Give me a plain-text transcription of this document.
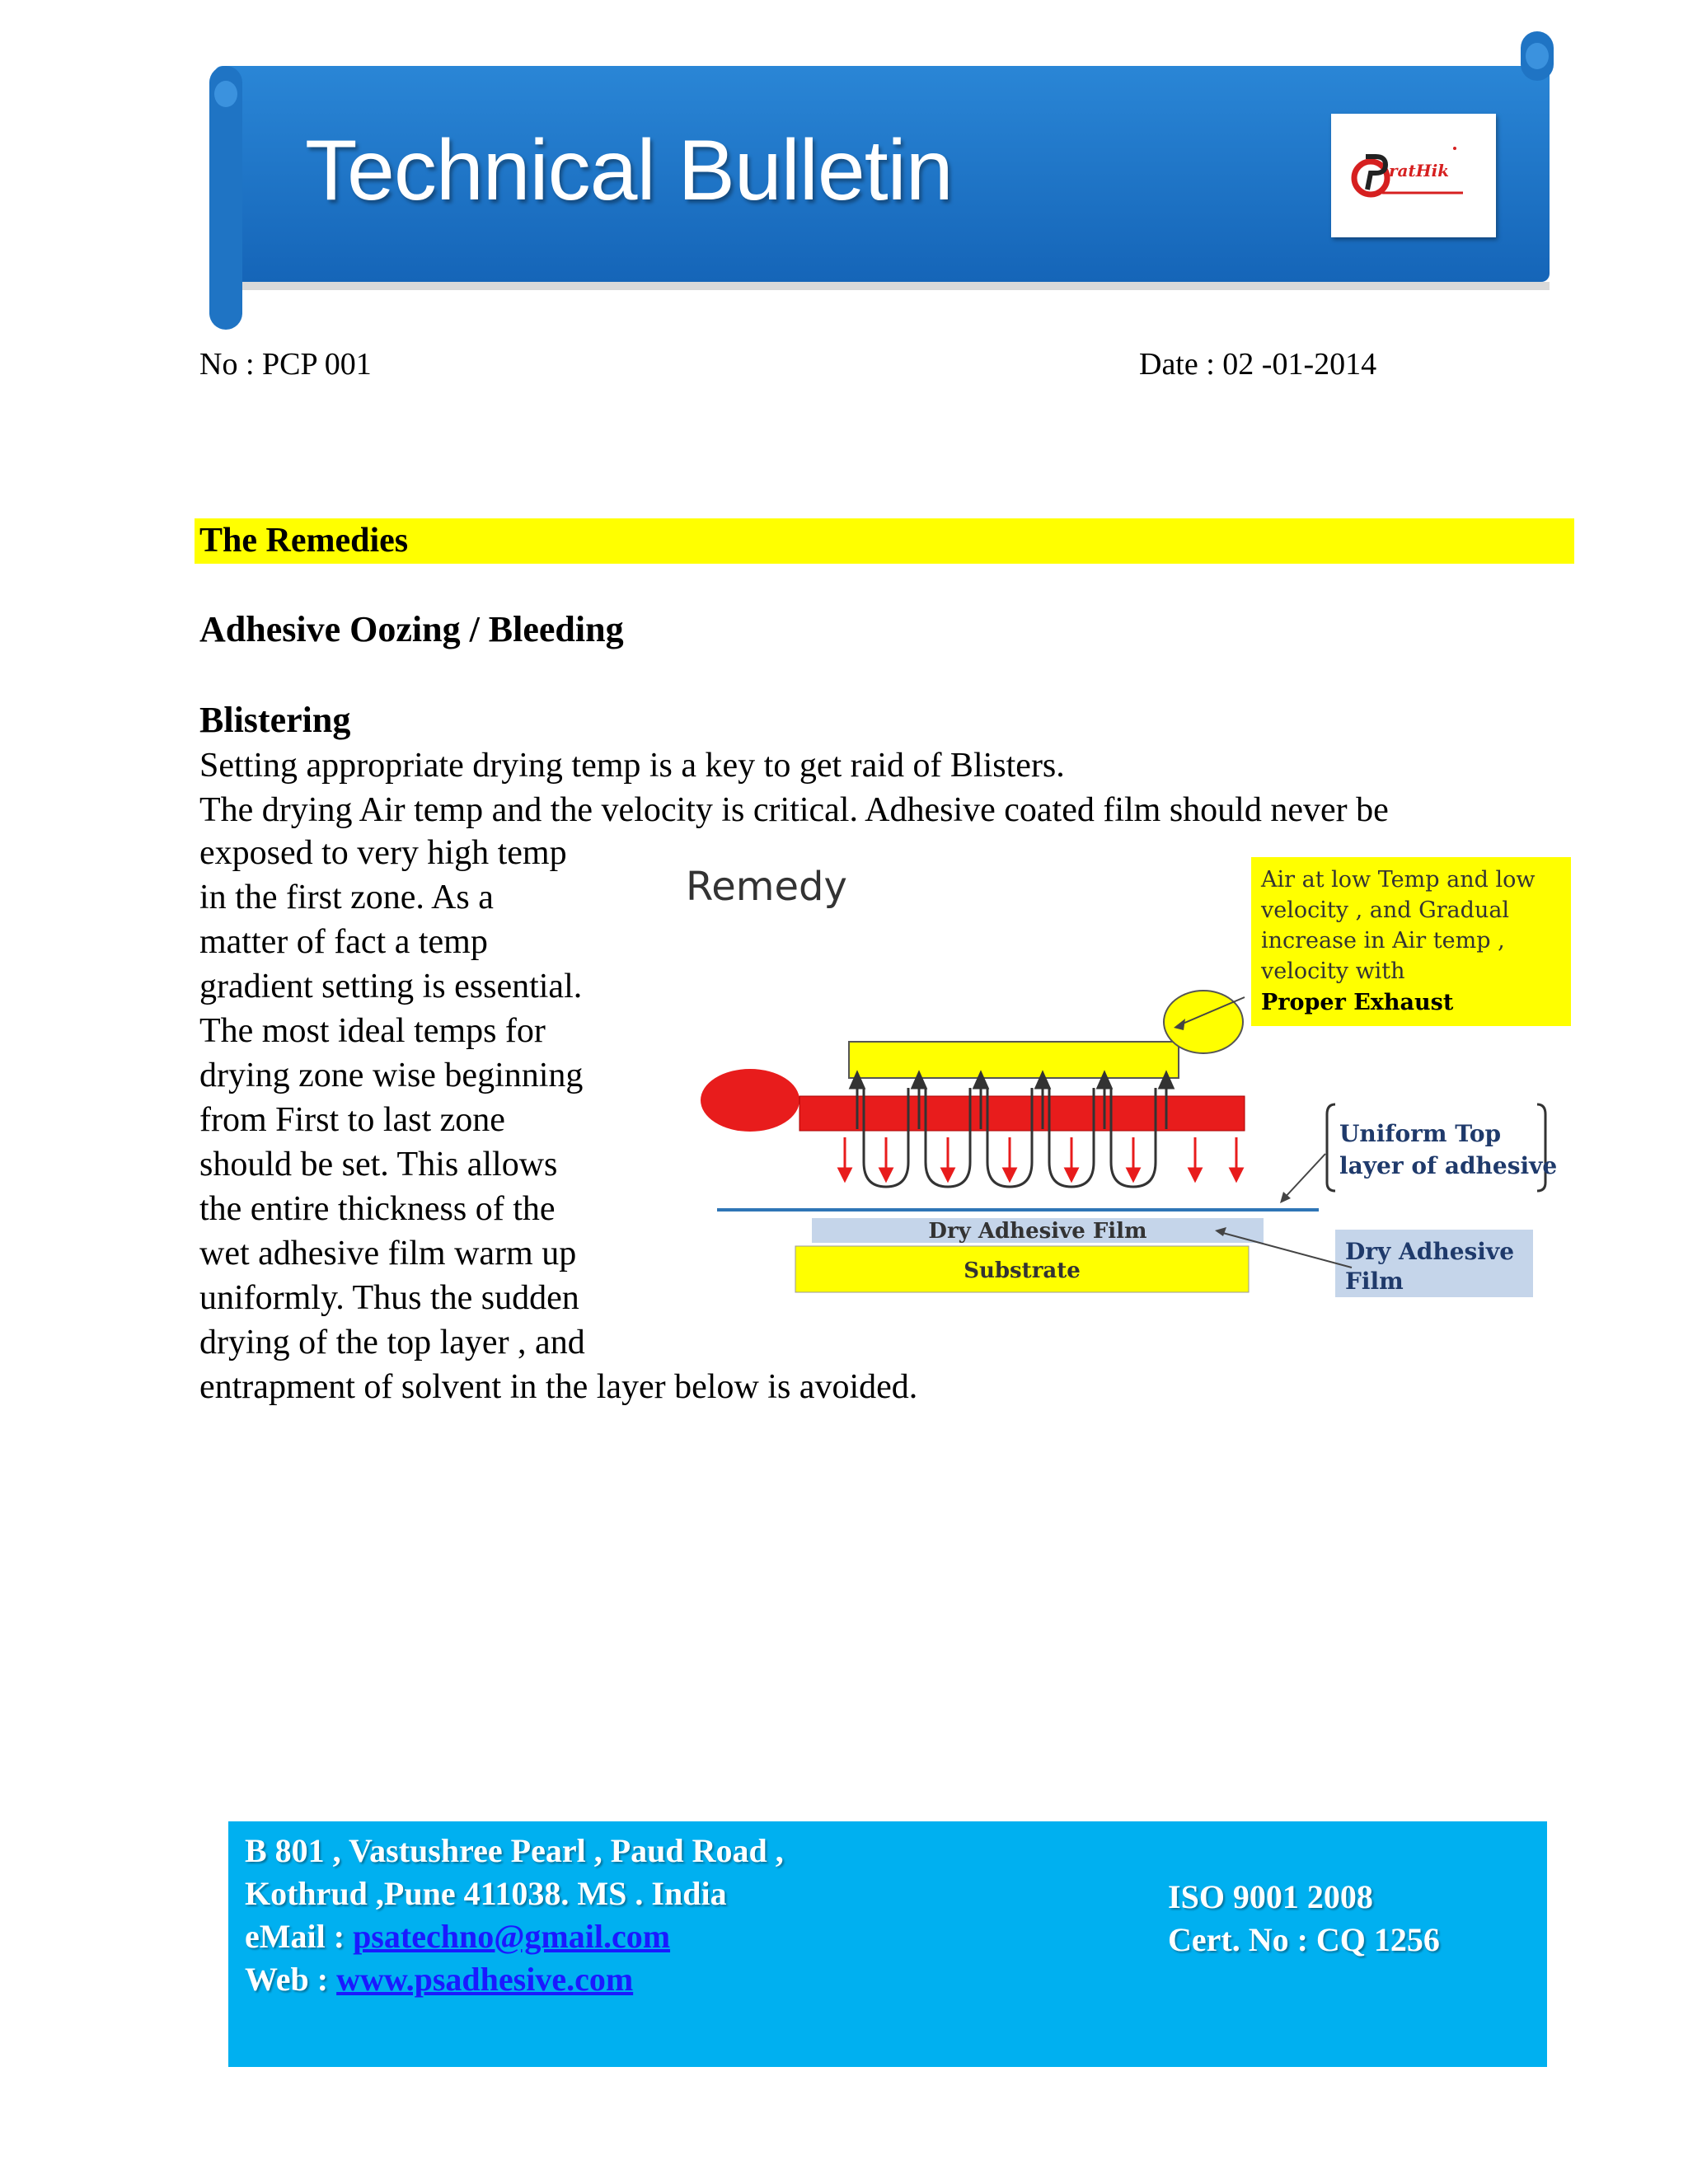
Technical Bulletin	ratHik
No : PCP 001	Date : 02 -01-2014
The Remedies
Adhesive Oozing / Bleeding
Blistering
Setting appropriate drying temp is a key to get raid of Blisters.
The drying Air temp and the velocity is critical. Adhesive coated film should never be
exposed to very high temp
in the first zone. As a
matter of fact a temp
gradient setting is essential.
The most ideal temps for
drying zone wise beginning
from First to last zone
should be set. This allows
the entire thickness of the
wet adhesive film warm up
uniformly. Thus the sudden
drying of the top layer , and
entrapment of solvent in the layer below is avoided.
Remedy	Air at low Temp and low velocity , and Gradual increase in Air temp , velocity with Proper Exhaust
Dry Adhesive Film
Substrate
Uniform Top layer of adhesive
Dry Adhesive Film
B 801 , Vastushree Pearl , Paud Road ,
Kothrud ,Pune 411038. MS . India
eMail : psatechno@gmail.com
Web : www.psadhesive.com
ISO 9001 2008
Cert. No : CQ 1256
